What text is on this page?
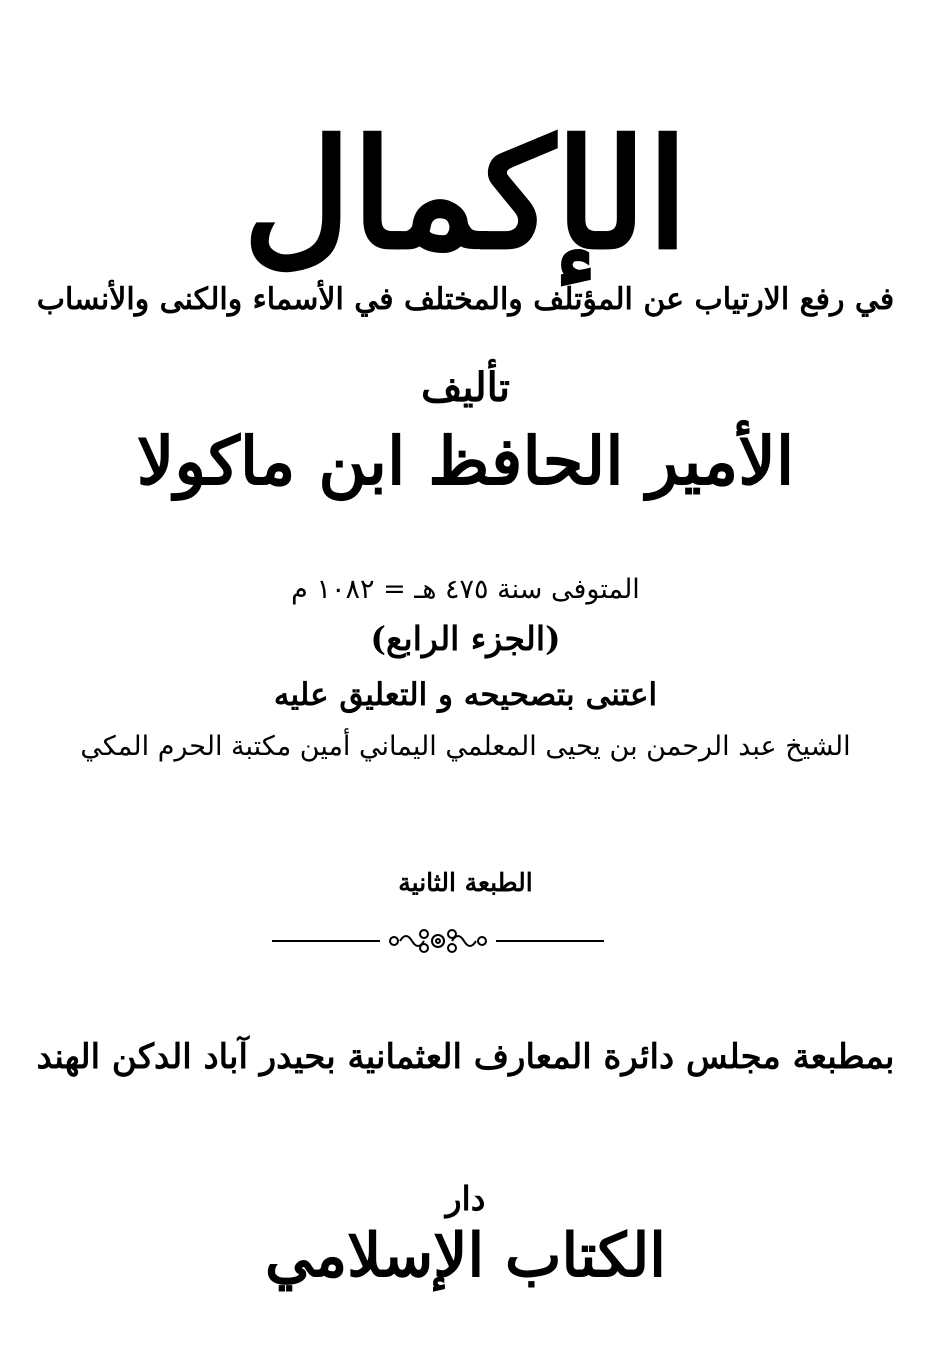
الإكمال
في رفع الارتياب عن المؤتلف والمختلف في الأسماء والكنى والأنساب
تأليف
الأمير الحافظ ابن ماكولا
المتوفى سنة ٤٧٥ هـ = ١٠٨٢ م
(الجزء الرابع)
اعتنى بتصحيحه و التعليق عليه
الشيخ عبد الرحمن بن يحيى المعلمي اليماني أمين مكتبة الحرم المكي
الطبعة الثانية
بمطبعة مجلس دائرة المعارف العثمانية بحيدر آباد الدكن الهند
دار
الكتاب الإسلامي
